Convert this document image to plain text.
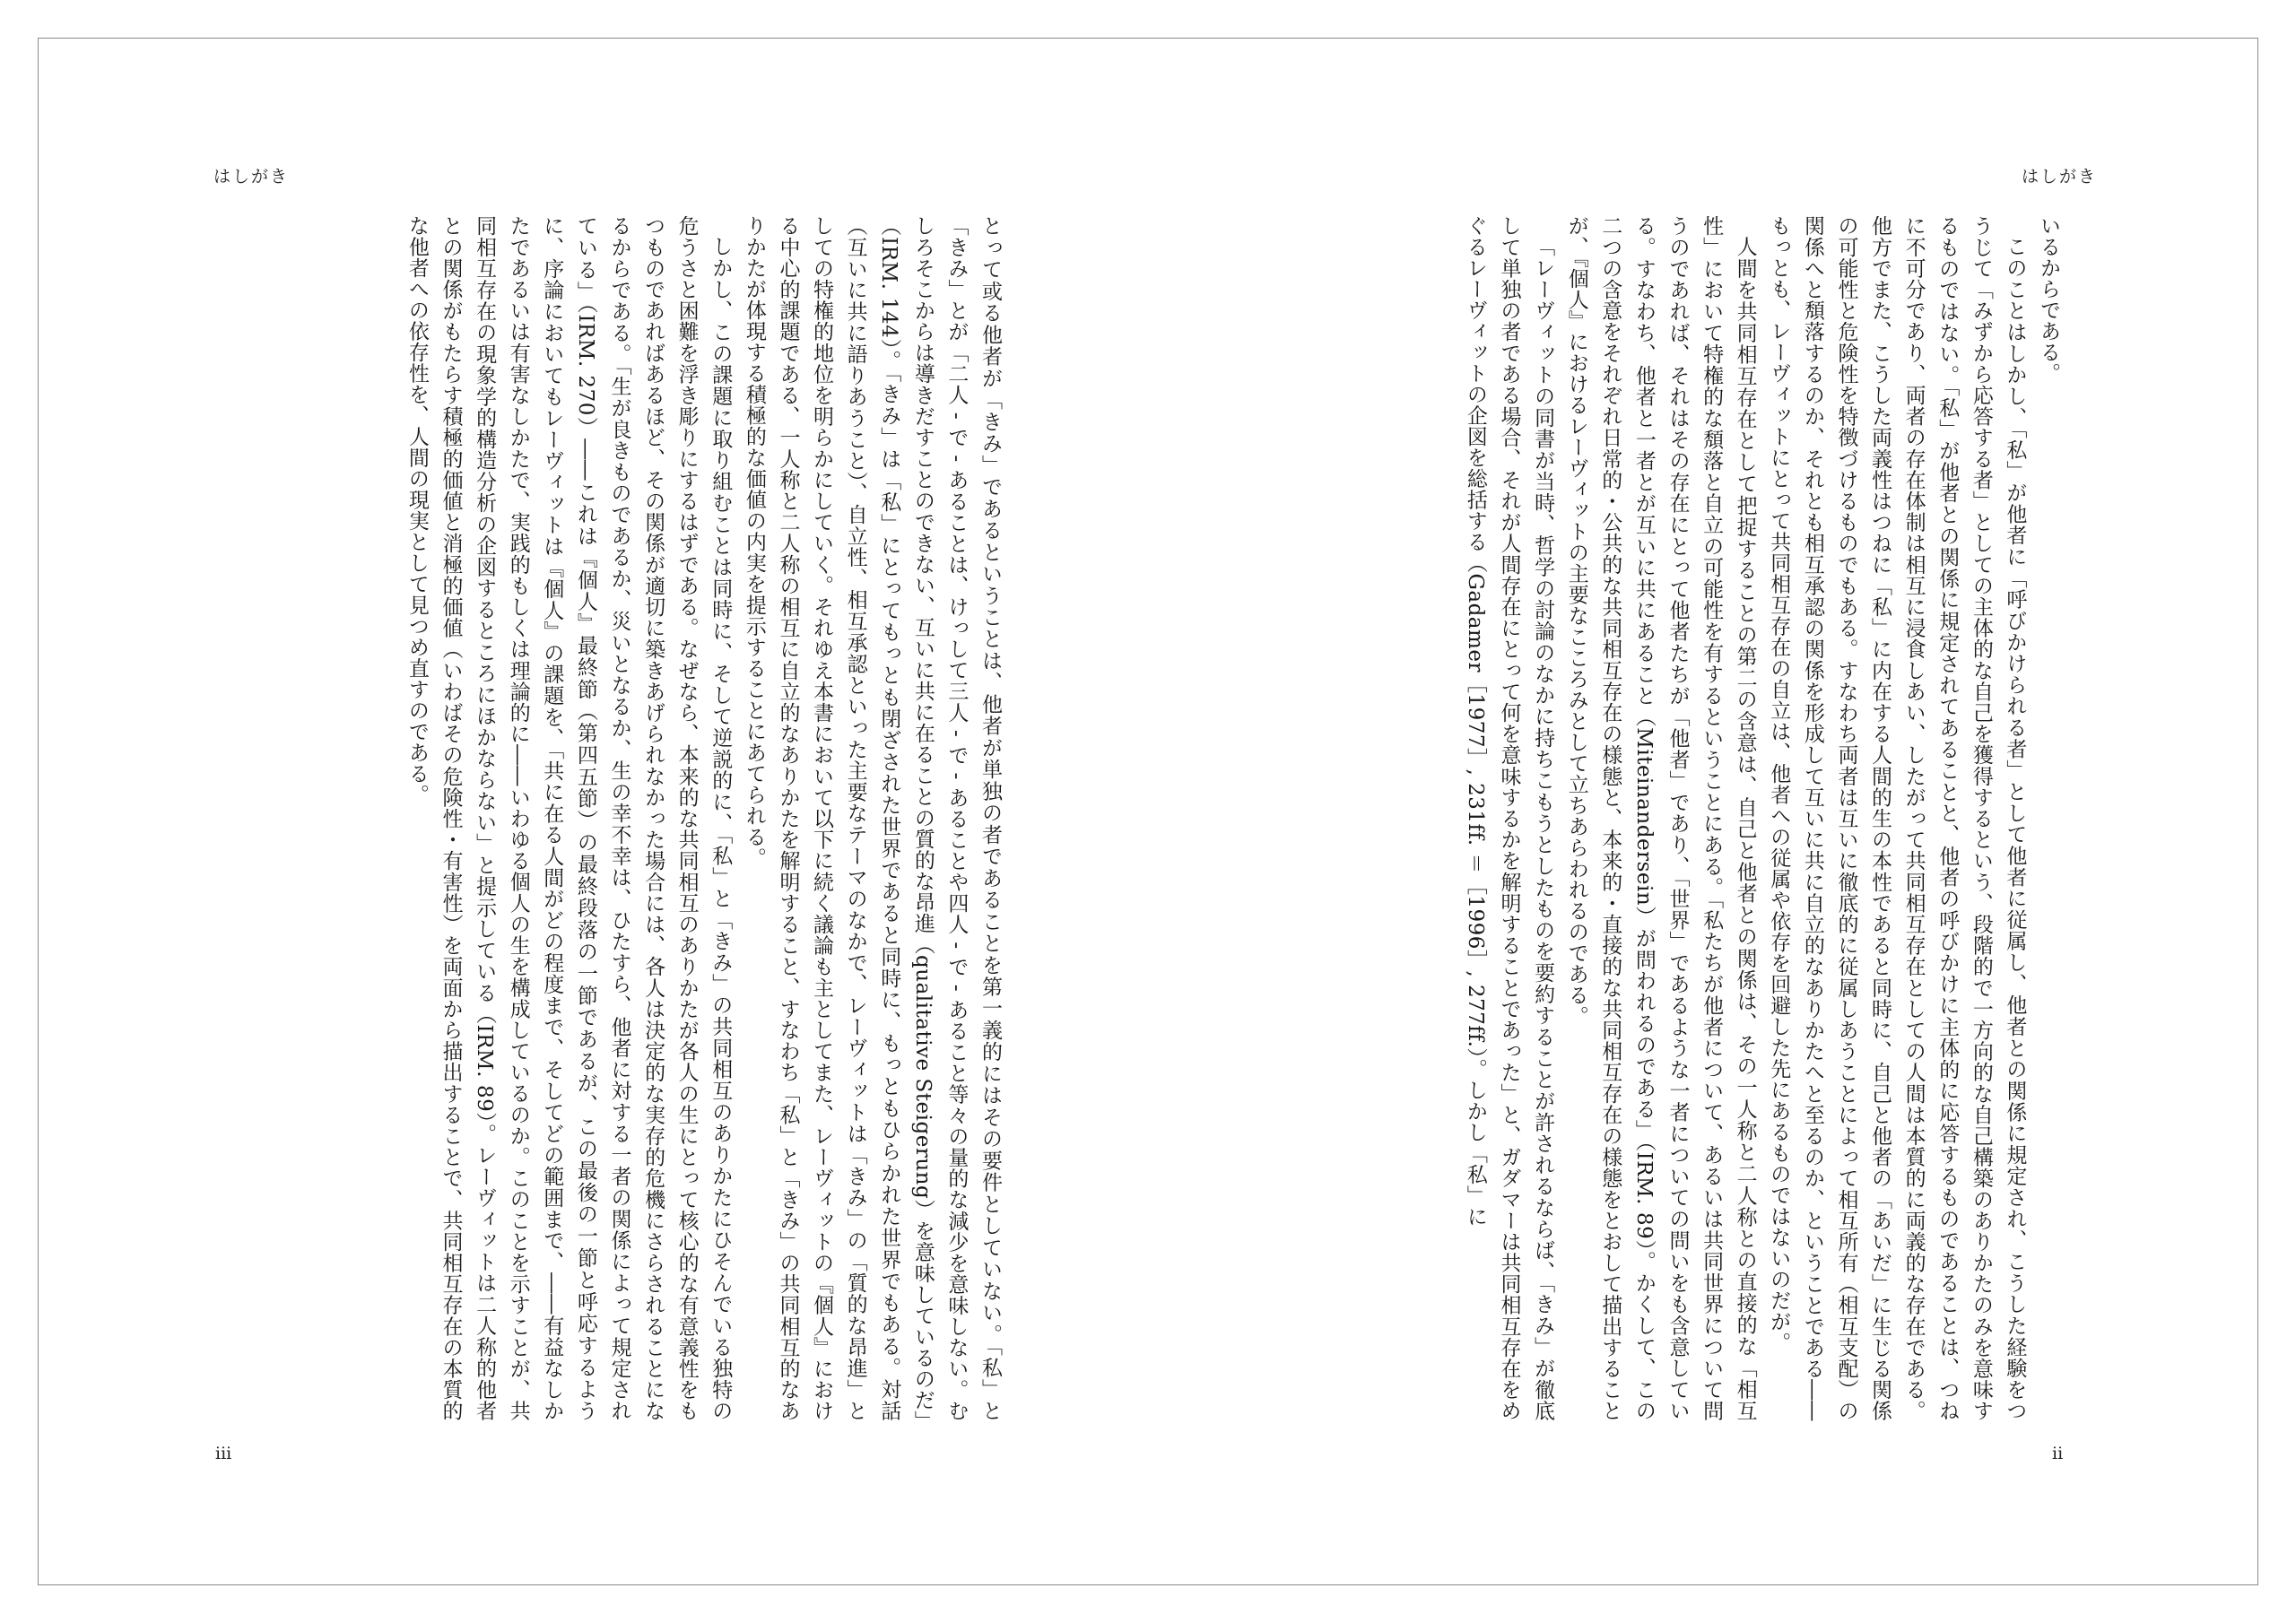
はしがき

とって或る他者が「きみ」であるということは、他者が単独の者であることを第一義的にはその要件としていない。「私」と「きみ」とが「二人 - で - あることは、けっして三人 - で - あることや四人 - で - あること等々の量的な減少を意味しない。むしろそこからは導きだすことのできない、互いに共に在ることの質的な昂進（qualitative Steigerung）を意味しているのだ」（IRM. 144）。「きみ」は「私」にとってもっとも閉ざされた世界であると同時に、もっともひらかれた世界でもある。対話（互いに共に語りあうこと）、自立性、相互承認といった主要なテーマのなかで、レーヴィットは「きみ」の「質的な昂進」としての特権的地位を明らかにしていく。それゆえ本書において以下に続く議論も主としてまた、レーヴィットの『個人』における中心的課題である、一人称と二人称の相互に自立的なありかたを解明すること、すなわち「私」と「きみ」の共同相互的なありかたが体現する積極的な価値の内実を提示することにあてられる。

しかし、この課題に取り組むことは同時に、そして逆説的に、「私」と「きみ」の共同相互のありかたにひそんでいる独特の危うさと困難を浮き彫りにするはずである。なぜなら、本来的な共同相互のありかたが各人の生にとって核心的な有意義性をもつものであればあるほど、その関係が適切に築きあげられなかった場合には、各人は決定的な実存的危機にさらされることになるからである。「生が良きものであるか、災いとなるか、生の幸不幸は、ひたすら、他者に対する一者の関係によって規定されている」（IRM. 270）――これは『個人』最終節（第四五節）の最終段落の一節であるが、この最後の一節と呼応するように、序論においてもレーヴィットは『個人』の課題を、「共に在る人間がどの程度まで、そしてどの範囲まで、――有益なしかたであるいは有害なしかたで、実践的もしくは理論的に――いわゆる個人の生を構成しているのか。このことを示すことが、共同相互存在の現象学的構造分析の企図するところにほかならない」と提示している（IRM. 89）。レーヴィットは二人称的他者との関係がもたらす積極的価値と消極的価値（いわばその危険性・有害性）を両面から描出することで、共同相互存在の本質的な他者への依存性を、人間の現実として見つめ直すのである。

iii
はしがき

いるからである。

このことはしかし、「私」が他者に「呼びかけられる者」として他者に従属し、他者との関係に規定され、こうした経験をつうじて「みずから応答する者」としての主体的な自己を獲得するという、段階的で一方向的な自己構築のありかたのみを意味するものではない。「私」が他者との関係に規定されてあることと、他者の呼びかけに主体的に応答するものであることは、つねに不可分であり、両者の存在体制は相互に浸食しあい、したがって共同相互存在としての人間は本質的に両義的な存在である。他方でまた、こうした両義性はつねに「私」に内在する人間的生の本性であると同時に、自己と他者の「あいだ」に生じる関係の可能性と危険性を特徴づけるものでもある。すなわち両者は互いに徹底的に従属しあうことによって相互所有（相互支配）の関係へと頽落するのか、それとも相互承認の関係を形成して互いに共に自立的なありかたへと至るのか、ということである――もっとも、レーヴィットにとって共同相互存在の自立は、他者への従属や依存を回避した先にあるものではないのだが。

人間を共同相互存在として把捉することの第二の含意は、自己と他者との関係は、その一人称と二人称との直接的な「相互性」において特権的な頽落と自立の可能性を有するということにある。「私たちが他者について、あるいは共同世界について問うのであれば、それはその存在にとって他者たちが「他者」であり、「世界」であるような一者についての問いをも含意している。すなわち、他者と一者とが互いに共にあること（Miteinandersein）が問われるのである」（IRM. 89）。かくして、この二つの含意をそれぞれ日常的・公共的な共同相互存在の様態と、本来的・直接的な共同相互存在の様態をとおして描出することが、『個人』におけるレーヴィットの主要なこころみとして立ちあらわれるのである。

「レーヴィットの同書が当時、哲学の討論のなかに持ちこもうとしたものを要約することが許されるならば、「きみ」が徹底して単独の者である場合、それが人間存在にとって何を意味するかを解明することであった」と、ガダマーは共同相互存在をめぐるレーヴィットの企図を総括する（Gadamer［1977］, 231ff. ＝［1996］, 277ff.）。しかし「私」に

ii
